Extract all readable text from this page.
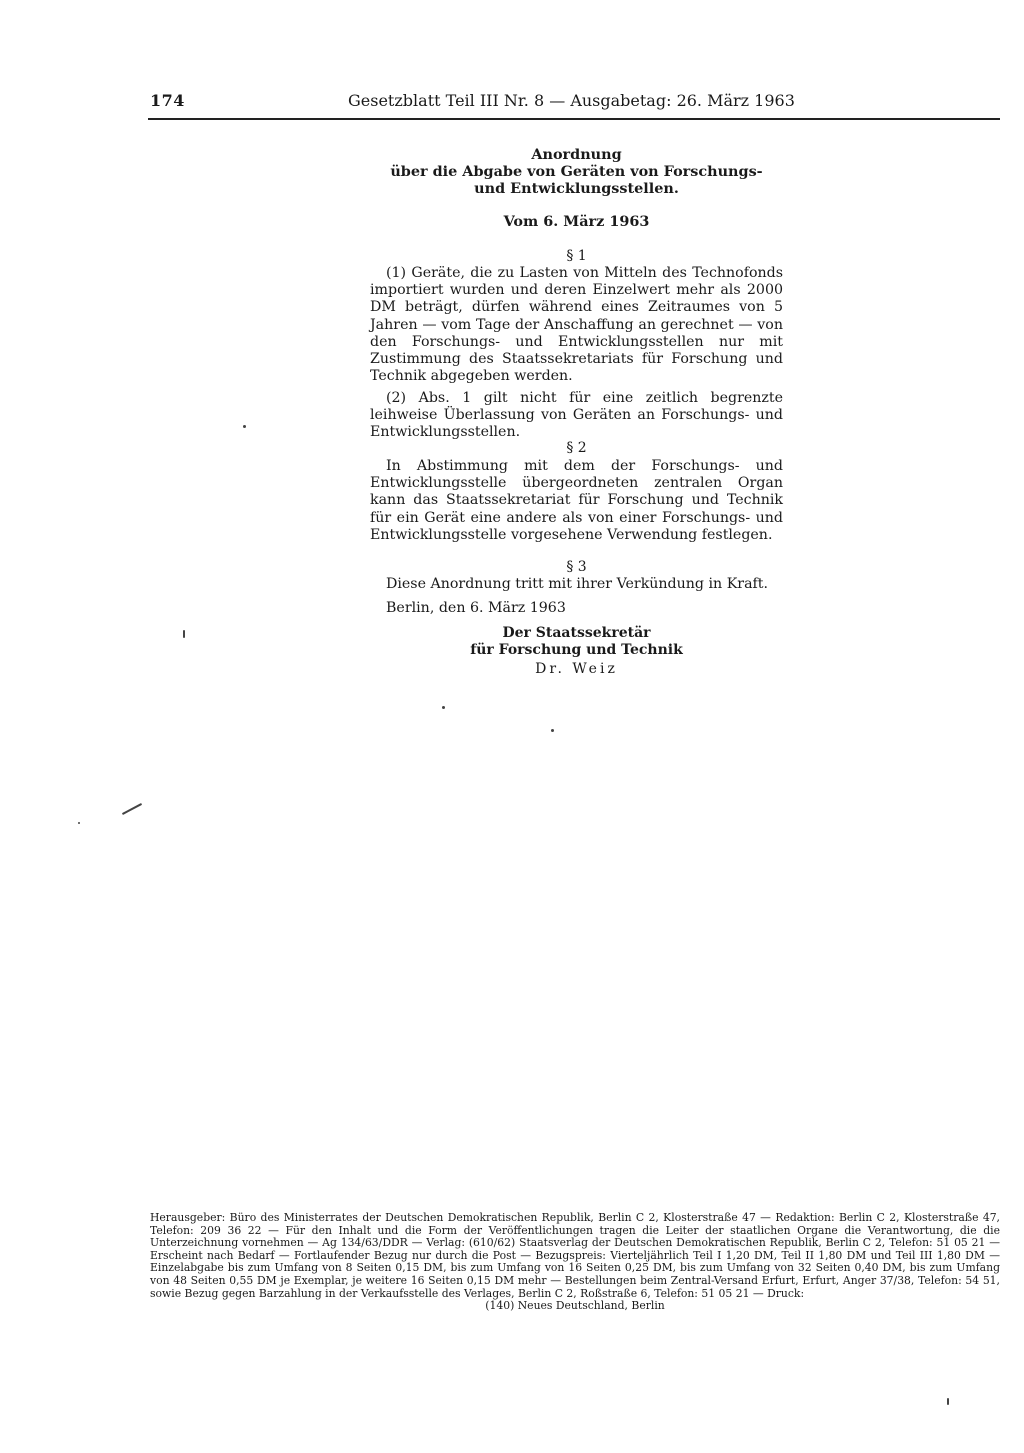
174	Gesetzblatt Teil III Nr. 8 — Ausgabetag: 26. März 1963
Anordnung
über die Abgabe von Geräten von Forschungs-
und Entwicklungsstellen.
Vom 6. März 1963
§ 1
(1) Geräte, die zu Lasten von Mitteln des Technofonds importiert wurden und deren Einzelwert mehr als 2000 DM beträgt, dürfen während eines Zeitraumes von 5 Jahren — vom Tage der Anschaffung an gerechnet — von den Forschungs- und Entwicklungsstellen nur mit Zustimmung des Staatssekretariats für Forschung und Technik abgegeben werden.
(2) Abs. 1 gilt nicht für eine zeitlich begrenzte leihweise Überlassung von Geräten an Forschungs- und Entwicklungsstellen.
§ 2
In Abstimmung mit dem der Forschungs- und Entwicklungsstelle übergeordneten zentralen Organ kann das Staatssekretariat für Forschung und Technik für ein Gerät eine andere als von einer Forschungs- und Entwicklungsstelle vorgesehene Verwendung festlegen.
§ 3
Diese Anordnung tritt mit ihrer Verkündung in Kraft.
Berlin, den 6. März 1963
Der Staatssekretär
für Forschung und Technik
Dr. Weiz
Herausgeber: Büro des Ministerrates der Deutschen Demokratischen Republik, Berlin C 2, Klosterstraße 47 — Redaktion: Berlin C 2, Klosterstraße 47, Telefon: 209 36 22 — Für den Inhalt und die Form der Veröffentlichungen tragen die Leiter der staatlichen Organe die Verantwortung, die die Unterzeichnung vornehmen — Ag 134/63/DDR — Verlag: (610/62) Staatsverlag der Deutschen Demokratischen Republik, Berlin C 2, Telefon: 51 05 21 — Erscheint nach Bedarf — Fortlaufender Bezug nur durch die Post — Bezugspreis: Vierteljährlich Teil I 1,20 DM, Teil II 1,80 DM und Teil III 1,80 DM — Einzelabgabe bis zum Umfang von 8 Seiten 0,15 DM, bis zum Umfang von 16 Seiten 0,25 DM, bis zum Umfang von 32 Seiten 0,40 DM, bis zum Umfang von 48 Seiten 0,55 DM je Exemplar, je weitere 16 Seiten 0,15 DM mehr — Bestellungen beim Zentral-Versand Erfurt, Erfurt, Anger 37/38, Telefon: 54 51, sowie Bezug gegen Barzahlung in der Verkaufsstelle des Verlages, Berlin C 2, Roßstraße 6, Telefon: 51 05 21 — Druck:
(140) Neues Deutschland, Berlin
